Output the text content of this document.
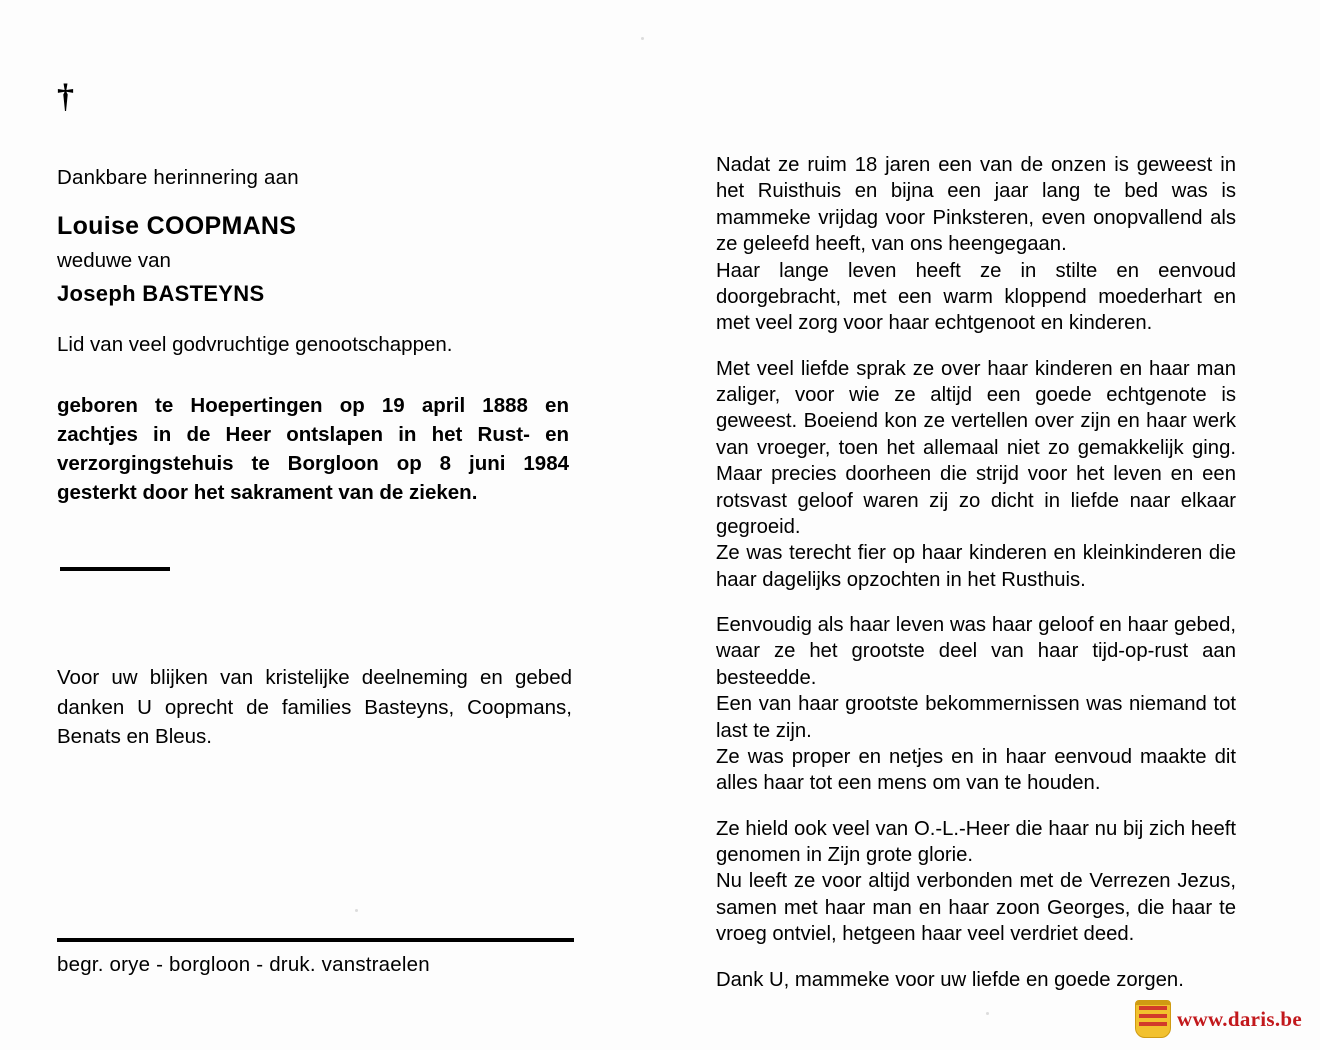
†
Dankbare herinnering aan
Louise COOPMANS
weduwe van
Joseph BASTEYNS
Lid van veel godvruchtige genootschappen.
geboren te Hoepertingen op 19 april 1888 en zachtjes in de Heer ontslapen in het Rust- en verzorgingstehuis te Borgloon op 8 juni 1984 gesterkt door het sakrament van de zieken.
Voor uw blijken van kristelijke deelneming en gebed danken U oprecht de families Basteyns, Coopmans, Benats en Bleus.
begr. orye - borgloon - druk. vanstraelen

Nadat ze ruim 18 jaren een van de onzen is geweest in het Ruisthuis en bijna een jaar lang te bed was is mammeke vrijdag voor Pinksteren, even onopvallend als ze geleefd heeft, van ons heengegaan.
Haar lange leven heeft ze in stilte en eenvoud doorgebracht, met een warm kloppend moederhart en met veel zorg voor haar echtgenoot en kinderen.

Met veel liefde sprak ze over haar kinderen en haar man zaliger, voor wie ze altijd een goede echtgenote is geweest. Boeiend kon ze vertellen over zijn en haar werk van vroeger, toen het allemaal niet zo gemakkelijk ging. Maar precies doorheen die strijd voor het leven en een rotsvast geloof waren zij zo dicht in liefde naar elkaar gegroeid.
Ze was terecht fier op haar kinderen en kleinkinderen die haar dagelijks opzochten in het Rusthuis.

Eenvoudig als haar leven was haar geloof en haar gebed, waar ze het grootste deel van haar tijd-op-rust aan besteedde.
Een van haar grootste bekommernissen was niemand tot last te zijn.
Ze was proper en netjes en in haar eenvoud maakte dit alles haar tot een mens om van te houden.

Ze hield ook veel van O.-L.-Heer die haar nu bij zich heeft genomen in Zijn grote glorie.
Nu leeft ze voor altijd verbonden met de Verrezen Jezus, samen met haar man en haar zoon Georges, die haar te vroeg ontviel, hetgeen haar veel verdriet deed.

Dank U, mammeke voor uw liefde en goede zorgen.

www.daris.be
